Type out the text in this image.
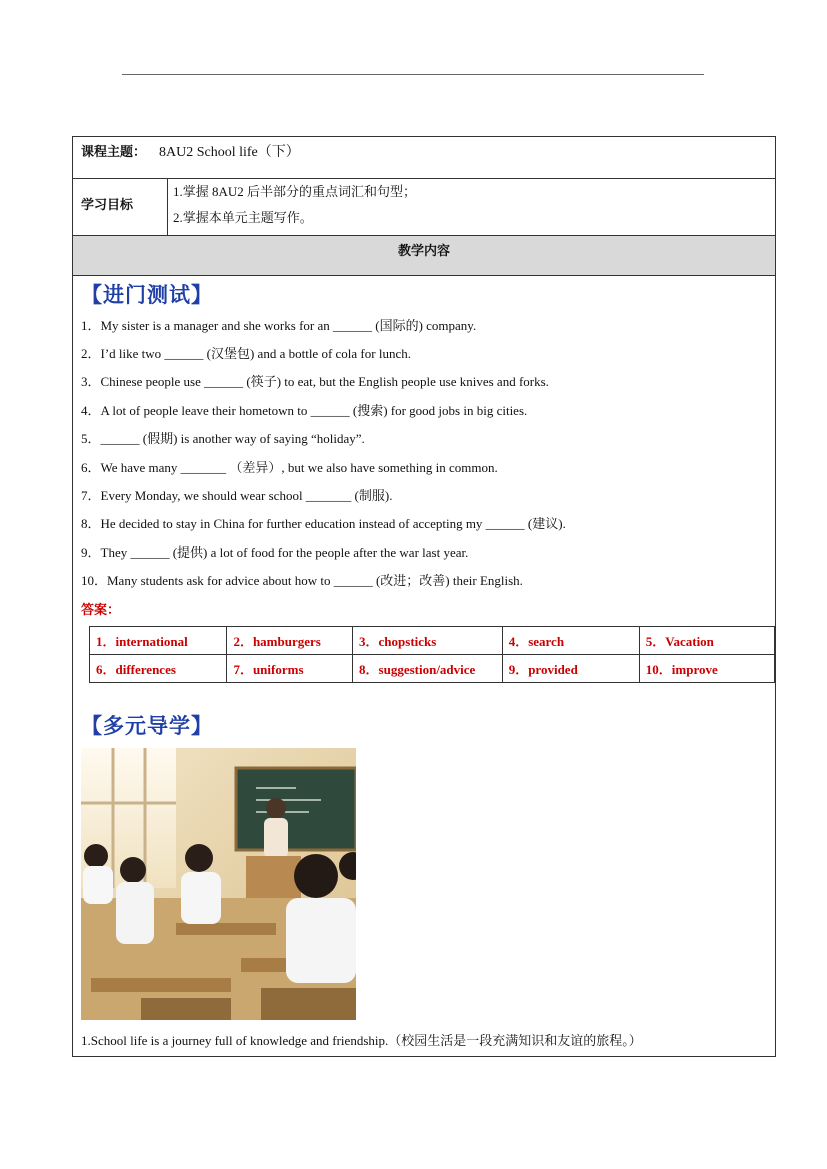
课程主题： 8AU2 School life（下）
学习目标
1.掌握 8AU2 后半部分的重点词汇和句型；
2.掌握本单元主题写作。
教学内容
【进门测试】
1．My sister is a manager and she works for an ______ (国际的) company.
2．I’d like two ______ (汉堡包) and a bottle of cola for lunch.
3．Chinese people use ______ (筷子) to eat, but the English people use knives and forks.
4．A lot of people leave their hometown to ______ (搜索) for good jobs in big cities.
5．______ (假期) is another way of saying “holiday”.
6．We have many _______ （差异）, but we also have something in common.
7．Every Monday, we should wear school _______ (制服).
8．He decided to stay in China for further education instead of accepting my ______ (建议).
9．They ______ (提供) a lot of food for the people after the war last year.
10．Many students ask for advice about how to ______ (改进；改善) their English.
答案：
1．international	2．hamburgers	3．chopsticks	4．search	5．Vacation
6．differences	7．uniforms	8．suggestion/advice	9．provided	10．improve
【多元导学】
1.School life is a journey full of knowledge and friendship.（校园生活是一段充满知识和友谊的旅程。）
